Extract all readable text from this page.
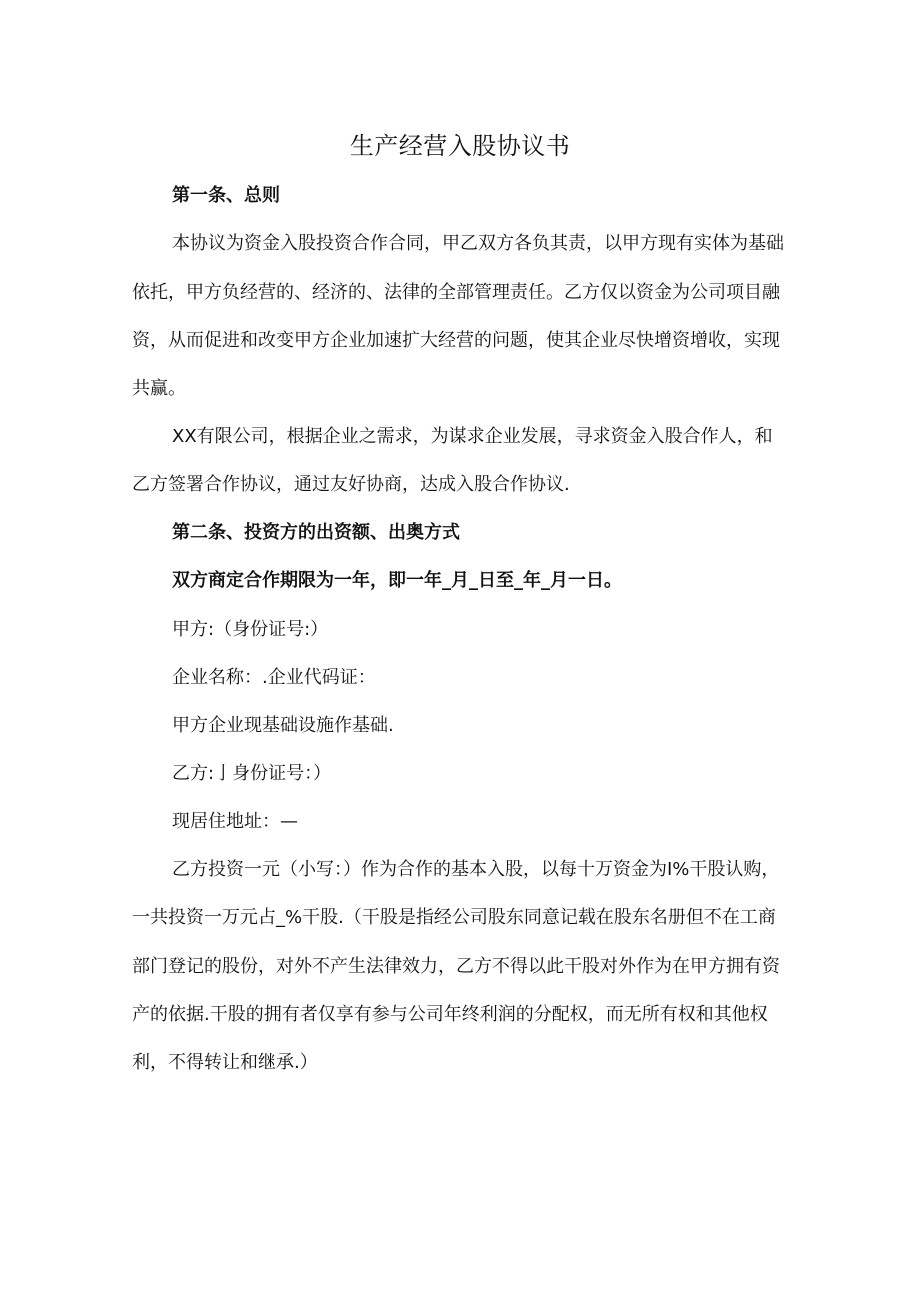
生产经营入股协议书
第一条、总则
本协议为资金入股投资合作合同，甲乙双方各负其责，以甲方现有实体为基础
依托，甲方负经营的、经济的、法律的全部管理责任。乙方仅以资金为公司项目融
资，从而促进和改变甲方企业加速扩大经营的问题，使其企业尽快增资增收，实现
共赢。
XX有限公司，根据企业之需求，为谋求企业发展，寻求资金入股合作人，和
乙方签署合作协议，通过友好协商，达成入股合作协议.
第二条、投资方的出资额、出奥方式
双方商定合作期限为一年，即一年_月_日至_年_月一日。
甲方:（身份证号:）
企业名称：.企业代码证：
甲方企业现基础设施作基础.
乙方:亅身份证号：）
现居住地址：—
乙方投资一元（小写：）作为合作的基本入股，以每十万资金为I%干股认购，
一共投资一万元占_%干股.（干股是指经公司股东同意记载在股东名册但不在工商
部门登记的股份，对外不产生法律效力，乙方不得以此干股对外作为在甲方拥有资
产的依据.干股的拥有者仅享有参与公司年终利润的分配权，而无所有权和其他权
利，不得转让和继承.）
